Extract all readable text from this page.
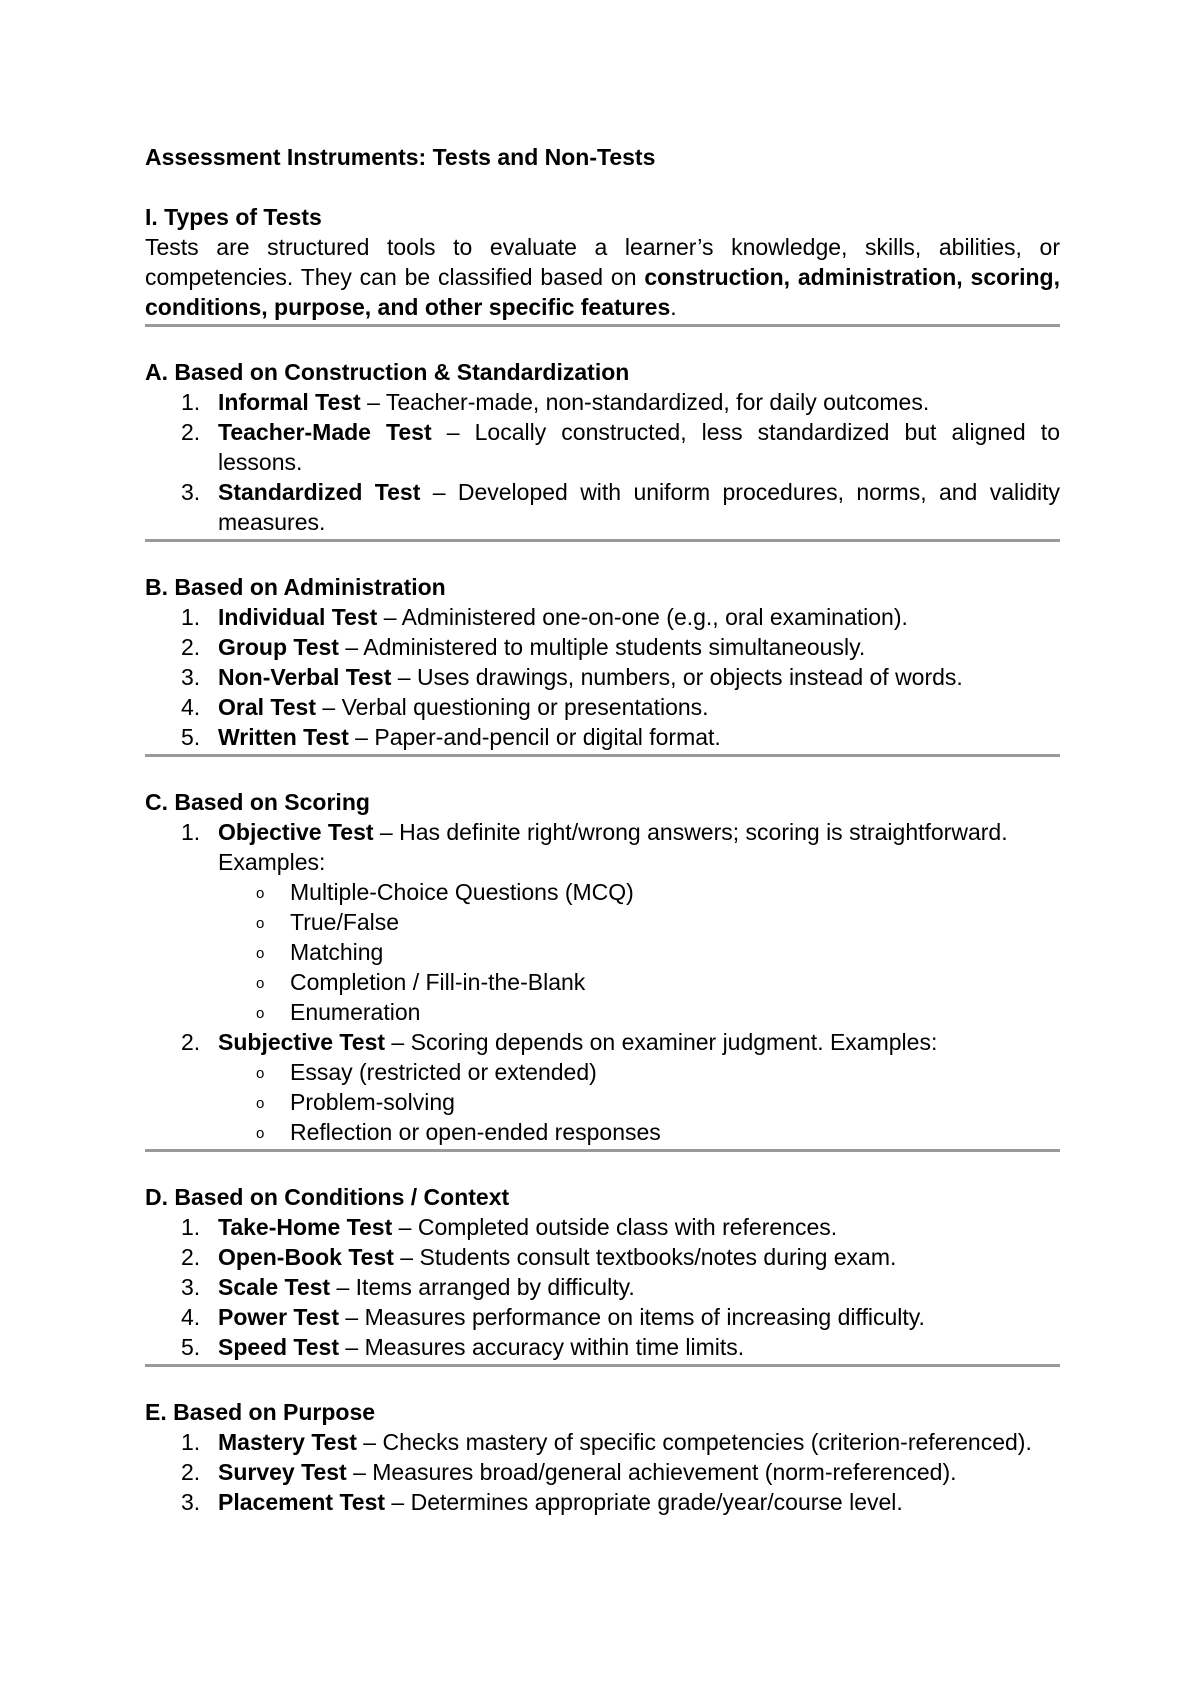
Assessment Instruments: Tests and Non-Tests

I. Types of Tests

Tests are structured tools to evaluate a learner’s knowledge, skills, abilities, or competencies. They can be classified based on construction, administration, scoring, conditions, purpose, and other specific features.

A. Based on Construction & Standardization

1. Informal Test – Teacher-made, non-standardized, for daily outcomes.
2. Teacher-Made Test – Locally constructed, less standardized but aligned to lessons.
3. Standardized Test – Developed with uniform procedures, norms, and validity measures.

B. Based on Administration

1. Individual Test – Administered one-on-one (e.g., oral examination).
2. Group Test – Administered to multiple students simultaneously.
3. Non-Verbal Test – Uses drawings, numbers, or objects instead of words.
4. Oral Test – Verbal questioning or presentations.
5. Written Test – Paper-and-pencil or digital format.

C. Based on Scoring

1. Objective Test – Has definite right/wrong answers; scoring is straightforward.
Examples:
o Multiple-Choice Questions (MCQ)
o True/False
o Matching
o Completion / Fill-in-the-Blank
o Enumeration
2. Subjective Test – Scoring depends on examiner judgment. Examples:
o Essay (restricted or extended)
o Problem-solving
o Reflection or open-ended responses

D. Based on Conditions / Context

1. Take-Home Test – Completed outside class with references.
2. Open-Book Test – Students consult textbooks/notes during exam.
3. Scale Test – Items arranged by difficulty.
4. Power Test – Measures performance on items of increasing difficulty.
5. Speed Test – Measures accuracy within time limits.

E. Based on Purpose

1. Mastery Test – Checks mastery of specific competencies (criterion-referenced).
2. Survey Test – Measures broad/general achievement (norm-referenced).
3. Placement Test – Determines appropriate grade/year/course level.
